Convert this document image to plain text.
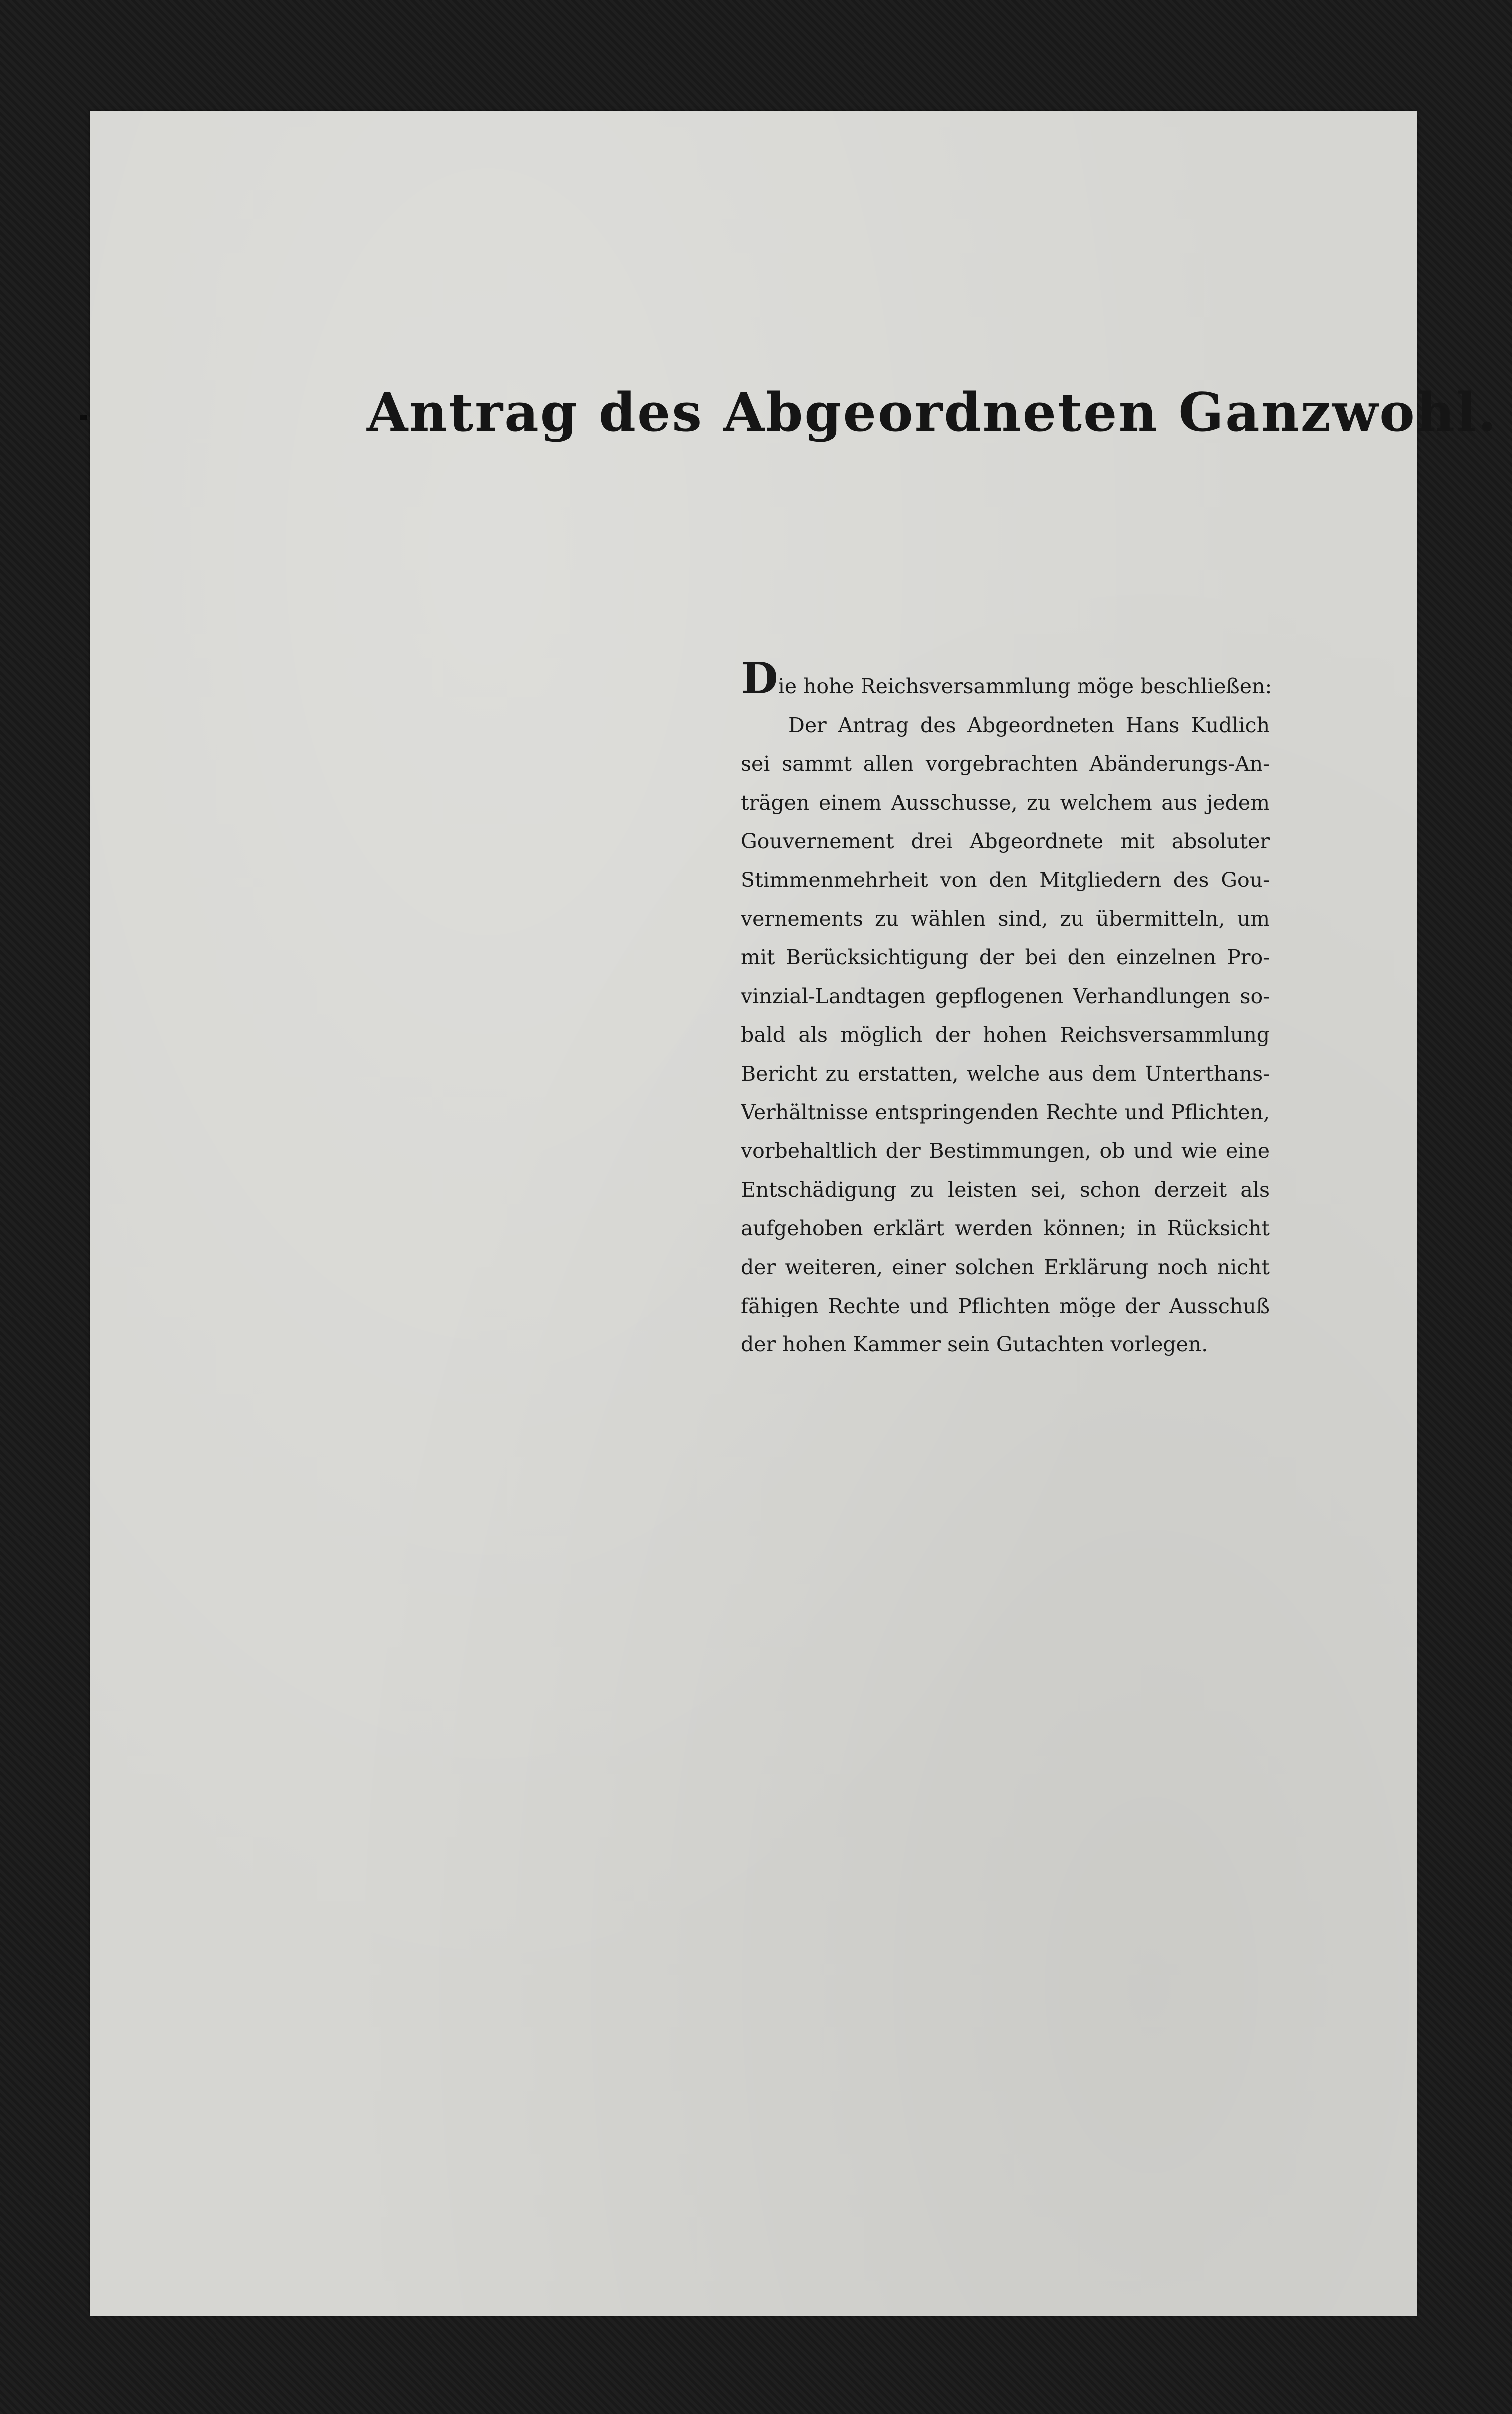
Antrag des Abgeordneten Ganzwohl.

Die hohe Reichsversammlung möge beschließen:

Der Antrag des Abgeordneten Hans Kudlich
sei sammt allen vorgebrachten Abänderungs-An-
trägen einem Ausschusse, zu welchem aus jedem
Gouvernement drei Abgeordnete mit absoluter
Stimmenmehrheit von den Mitgliedern des Gou-
vernements zu wählen sind, zu übermitteln, um
mit Berücksichtigung der bei den einzelnen Pro-
vinzial-Landtagen gepflogenen Verhandlungen so-
bald als möglich der hohen Reichsversammlung
Bericht zu erstatten, welche aus dem Unterthans-
Verhältnisse entspringenden Rechte und Pflichten,
vorbehaltlich der Bestimmungen, ob und wie eine
Entschädigung zu leisten sei, schon derzeit als
aufgehoben erklärt werden können; in Rücksicht
der weiteren, einer solchen Erklärung noch nicht
fähigen Rechte und Pflichten möge der Ausschuß
der hohen Kammer sein Gutachten vorlegen.
